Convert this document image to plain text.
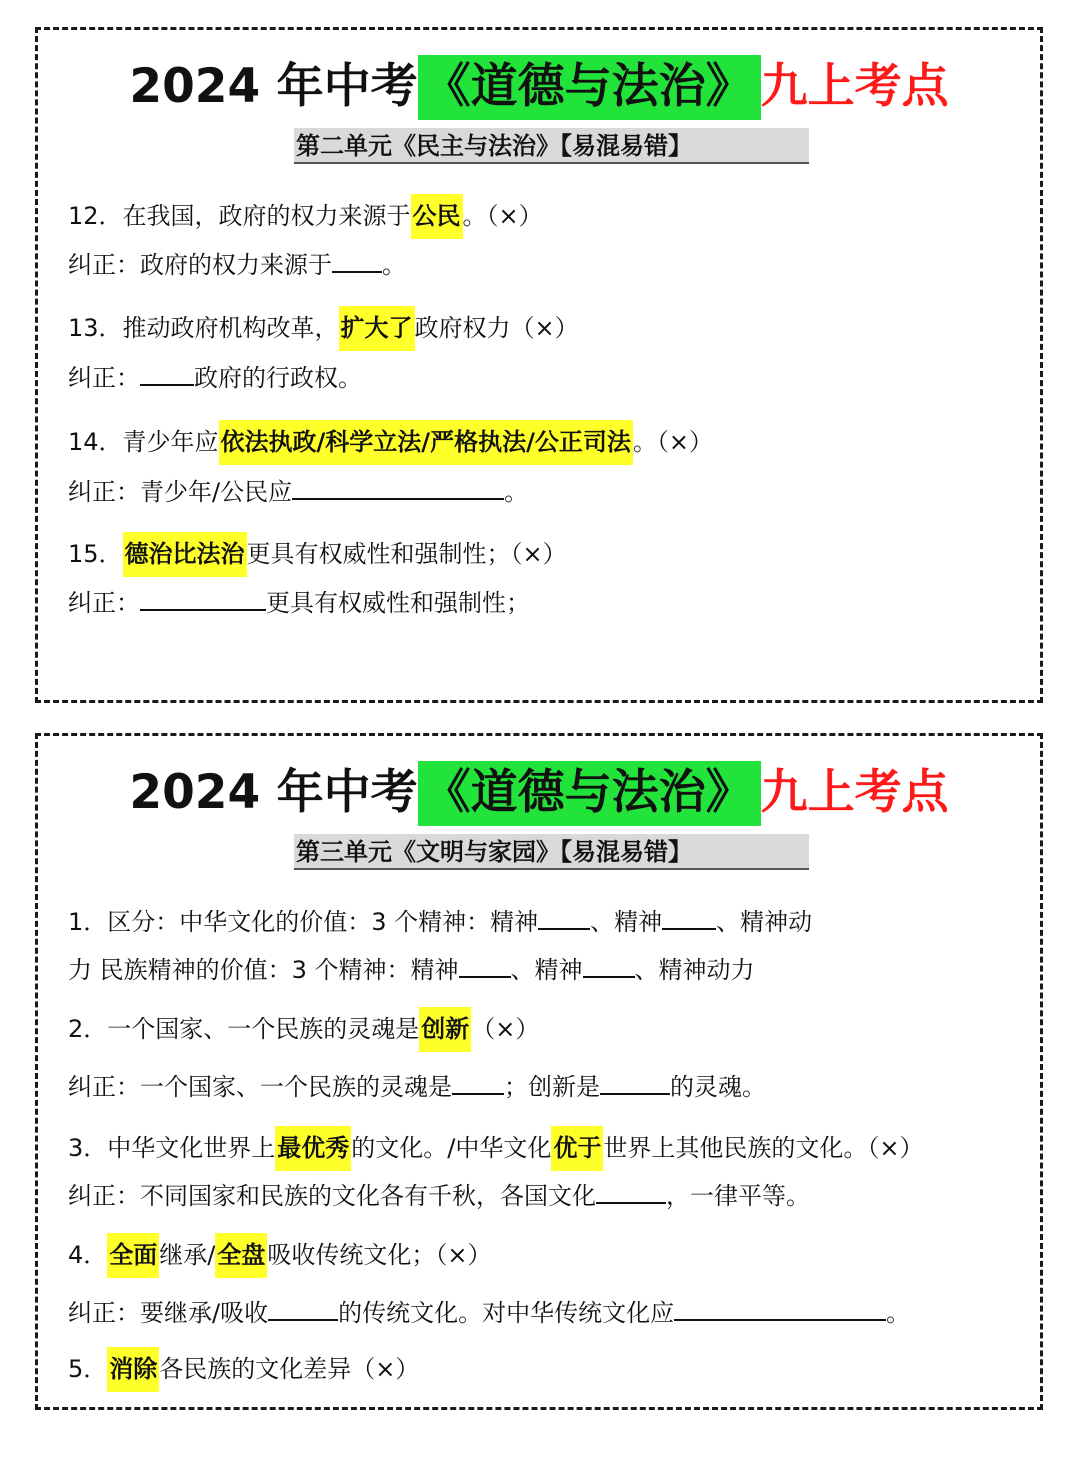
2024 年中考 《道德与法治》 九上考点
第二单元《民主与法治》【易混易错】
12．在我国，政府的权力来源于公民。（×）
纠正：政府的权力来源于 。
13．推动政府机构改革，扩大了政府权力（×）
纠正： 政府的行政权。
14．青少年应依法执政/科学立法/严格执法/公正司法。（×）
纠正：青少年/公民应	。
15．德治比法治更具有权威性和强制性；（×）
纠正：	更具有权威性和强制性；
2024 年中考 《道德与法治》 九上考点
第三单元《文明与家园》【易混易错】
1．区分：中华文化的价值：3 个精神：精神 、精神 、精神动
力 民族精神的价值：3 个精神：精神 、精神 、精神动力
2．一个国家、一个民族的灵魂是创新（×）
纠正：一个国家、一个民族的灵魂是 ；创新是	的灵魂。
3．中华文化世界上最优秀的文化。/中华文化优于世界上其他民族的文化。（×）
纠正：不同国家和民族的文化各有千秋，各国文化	，一律平等。
4．全面继承/全盘吸收传统文化；（×）
纠正：要继承/吸收	的传统文化。对中华传统文化应	。
5．消除各民族的文化差异（×）
